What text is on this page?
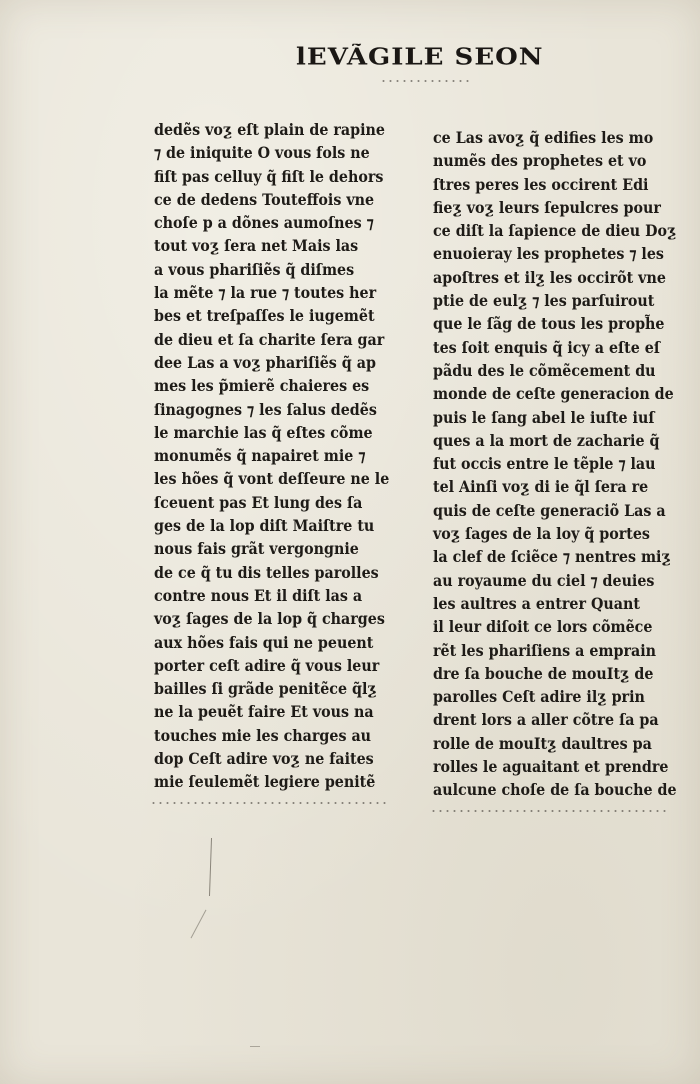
lEVÃGILE SEON
dedẽs voƺ eſt plain de rapine
⁊ de iniquite O vous fols ne
fiſt pas celluy q̃ fiſt le dehors
ce de dedens Touteffois vne
choſe p a dõnes aumoſnes ⁊
tout voƺ ſera net Mais las
a vous phariſiẽs q̃ diſmes
la mẽte ⁊ la rue ⁊ toutes her
bes et treſpaſſes le iugemẽt
de dieu et ſa charite ſera gar
dee Las a voƺ phariſiẽs q̃ ap
mes les p̃mierẽ chaieres es
ſinagognes ⁊ les ſalus dedẽs
le marchie las q̃ eſtes cõme
monumẽs q̃ napairet mie ⁊
les hões q̃ vont deſſeure ne le
ſceuent pas Et lung des ſa
ges de la lop diſt Maiſtre tu
nous fais grãt vergongnie
de ce q̃ tu dis telles parolles
contre nous Et il diſt las a
voƺ ſages de la lop q̃ charges
aux hões fais qui ne peuent
porter ceſt adire q̃ vous leur
bailles ſi grãde penitẽce q̃lƺ
ne la peuẽt faire Et vous na
touches mie les charges au
dop Ceſt adire voƺ ne faites
mie ſeulemẽt legiere penitẽ
ce Las avoƺ q̃ edifies les mo
numẽs des prophetes et vo
ſtres peres les occirent Edi
fieƺ voƺ leurs ſepulcres pour
ce diſt la ſapience de dieu Doƺ
enuoieray les prophetes ⁊ les
apoſtres et ilƺ les occirõt vne
ptie de eulƺ ⁊ les parſuirout
que le ſãg de tous les proph̃e
tes ſoit enquis q̃ icy a eſte eſ
pãdu des le cõmẽcement du
monde de ceſte generacion de
puis le ſang abel le iuſte iuſ
ques a la mort de zacharie q̃
fut occis entre le tẽple ⁊ lau
tel Ainſi voƺ di ie q̃l ſera re
quis de ceſte generaciõ Las a
voƺ ſages de la loy q̃ portes
la clef de ſciẽce ⁊ nentres miƺ
au royaume du ciel ⁊ deuies
les aultres a entrer Quant
il leur diſoit ce lors cõmẽce
rẽt les phariſiens a emprain
dre ſa bouche de mouItƺ de
parolles Ceſt adire ilƺ prin
drent lors a aller cõtre ſa pa
rolle de mouItƺ daultres pa
rolles le aguaitant et prendre
aulcune choſe de ſa bouche de
